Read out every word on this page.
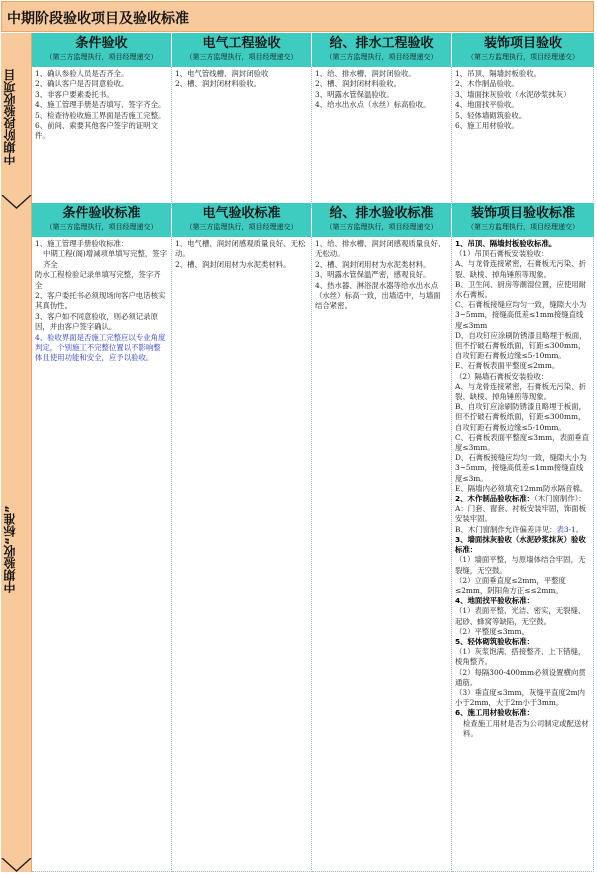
中期阶段验收项目及验收标准
中期阶段验收项目
中期验收“标准”
条件验收
（第三方监理执行，项目经理递交）
电气工程验收
（第三方监理执行，项目经理递交）
给、排水工程验收
（第三方监理执行，项目经理递交）
装饰项目验收
（第三方监理执行，项目经理递交）

1、确认参验人员是否齐全。

2、确认客户是否同意验收。

3、非客户要素委托书。

4、施工管理手册是否填写、签字齐全。

5、检查待验收施工界面是否施工完整。

6、前间、索要其他客户签字的证明文件。

1、电气管线槽、润封闭验收

2、槽、润封闭材料验收。

1、给、排水槽、润封闭验收。

2、槽、润封闭材料验收。

3、明露水管保温验收。

4、给水出水点（水丝）标高验收。

1、吊顶、隔墙封板验收。

2、木作制品验收。

3、墙面抹灰验收（水泥砂浆抹灰）

4、地面找平验收。

5、轻体墙砌筑验收。

6、施工用材验收。

条件验收标准
（第三方监理执行，项目经理递交）
电气验收标准
（第三方监理执行，项目经理递交）
给、排水验收标准
（第三方监理执行，项目经理递交）
装饰项目验收标准
（第三方监理执行，项目经理递交）

1、施工管理手册验收标准：

中期工程(阁)增减项单填写完整，签字齐全

防水工程检验记录单填写完整，签字齐全

2、客户委托书必须现场向客户电话核实其真伪性。

3、客户如不同意验收，则必须记录原因，并由客户签字确认。

4、验收界面是否施工完整应以专业角度判定，个别施工不完整位置以不影响整体且使用功能和安全，应予以验收。

1、电气槽、润封闭感观质量良好、无松动。

2、槽、润封闭用材为水泥类材料。

1、给、排水槽、润封闭感观质量良好、无松动。

2、槽、润封闭用材为水泥类材料。

3、明露水管保温严密，感观良好。

4、热水器、淋浴混水器等给水出水点（水丝）标高一致，出墙适中，与墙面结合紧密。

1、吊顶、隔墙封板验收标准。

（1）吊顶石膏板安装验收：

A、与龙骨连接紧密，石膏板无污染、折裂、缺棱、掉角锤煎等现象。

B、卫生间、厨房等潮湿位置，应使用耐水石膏板。

C、石膏板接缝应均匀一致，缝隙大小为3~5mm，接缝高低差≤1mm接缝直线度≤3mm

D、自攻钉应涂刷防锈漆且略埋于板面，但不拧破石膏板纸面，钉距≤300mm，自攻钉距石膏板边缘≤5-10mm。

E、石膏板表面平整度≤2mm。

（2）隔墙石膏板安装验收：

A、与龙骨连接紧密，石膏板无污染、折裂、缺棱、掉角锤煎等现象。

B、自攻钉应涂刷防锈漆且略埋于板面，但不拧破石膏板纸面，钉距≤300mm，自攻钉距石膏板边缘≤5-10mm。

C、石膏板表面平整度≤3mm，表面垂直度≤3mm。

D、石膏板接缝应均匀一致，缝隙大小为3~5mm，接缝高低差≤1mm接缝直线度≤3m。

E、隔墙内必须填充12mm防水隔音棉。

2、木作制品验收标准：（木门窗制作）：

A：门套、窗套、衬板安装牢固，饰面板安装牢固。

B、木门窗制作允许偏差详见：表3-1。

3、墙面抹灰验收（水泥砂浆抹灰）验收标准：

（1）墙面平整，与原墙体结合牢固，无裂缝，无空鼓。

（2）立面垂直度≤2mm，平整度≤2mm，阴阳角方正≤≤2mm。

4、地面找平验收标准：

（1）表面平整、光洁、密实，无裂缝、起砂、蜂窝等缺陷，无空鼓。

（2）平整度≤3mm。

5、轻体砌筑验收标准：

（1）灰浆饱满、搭接整齐、上下错缝，棱角整齐。

（2）每隔300-400mm必须设置横向贯通筋。

（3）垂直度≤3mm，灰缝平直度2m内小于2mm，大于2m小于3mm。

6、施工用材验收标准：

检查施工用材是否为公司制定或配送材料。
